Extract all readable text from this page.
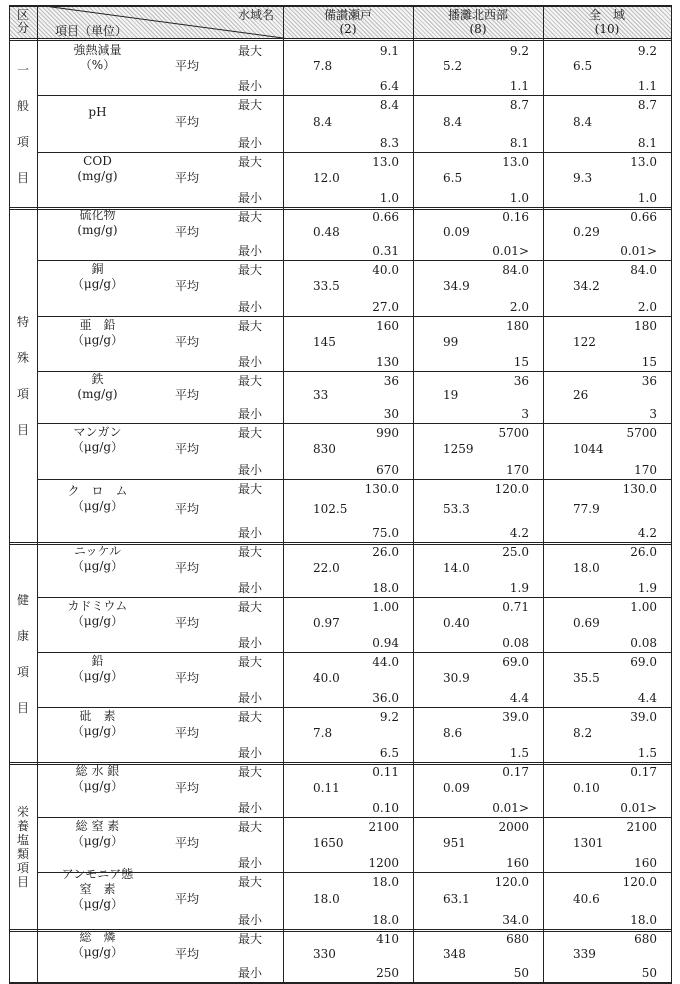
区分	項目（単位）
水域名	備讃瀬戸
(2)
播灘北西部
(8)
全　域
(10)
強熱減量
（%）
最大
平均
最小
9.1
7.8
6.4
9.2
5.2
1.1
9.2
6.5
1.1
pH
最大
平均
最小
8.4
8.4
8.3
8.7
8.4
8.1
8.7
8.4
8.1
COD
(mg/g)
最大
平均
最小
13.0
12.0
1.0
13.0
6.5
1.0
13.0
9.3
1.0
硫化物
(mg/g)
最大
平均
最小
0.66
0.48
0.31
0.16
0.09
0.01>
0.66
0.29
0.01>
銅
（μg/g）
最大
平均
最小
40.0
33.5
27.0
84.0
34.9
2.0
84.0
34.2
2.0
亜　鉛
（μg/g）
最大
平均
最小
160
145
130
180
99
15
180
122
15
鉄
(mg/g)
最大
平均
最小
36
33
30
36
19
3
36
26
3
マンガン
（μg/g）
最大
平均
最小
990
830
670
5700
1259
170
5700
1044
170
ク　ロ　ム
（μg/g）
最大
平均
最小
130.0
102.5
75.0
120.0
53.3
4.2
130.0
77.9
4.2
ニッケル
（μg/g）
最大
平均
最小
26.0
22.0
18.0
25.0
14.0
1.9
26.0
18.0
1.9
カドミウム
（μg/g）
最大
平均
最小
1.00
0.97
0.94
0.71
0.40
0.08
1.00
0.69
0.08
鉛
（μg/g）
最大
平均
最小
44.0
40.0
36.0
69.0
30.9
4.4
69.0
35.5
4.4
砒　素
（μg/g）
最大
平均
最小
9.2
7.8
6.5
39.0
8.6
1.5
39.0
8.2
1.5
総 水 銀
（μg/g）
最大
平均
最小
0.11
0.11
0.10
0.17
0.09
0.01>
0.17
0.10
0.01>
総 窒 素
（μg/g）
最大
平均
最小
2100
1650
1200
2000
951
160
2100
1301
160
アンモニア態
窒　素
（μg/g）
最大
平均
最小
18.0
18.0
18.0
120.0
63.1
34.0
120.0
40.6
18.0
総　燐
（μg/g）
最大
平均
最小
410
330
250
680
348
50
680
339
50
一
般
項
目
特
殊
項
目
健
康
項
目
栄
養
塩
類
項
目
